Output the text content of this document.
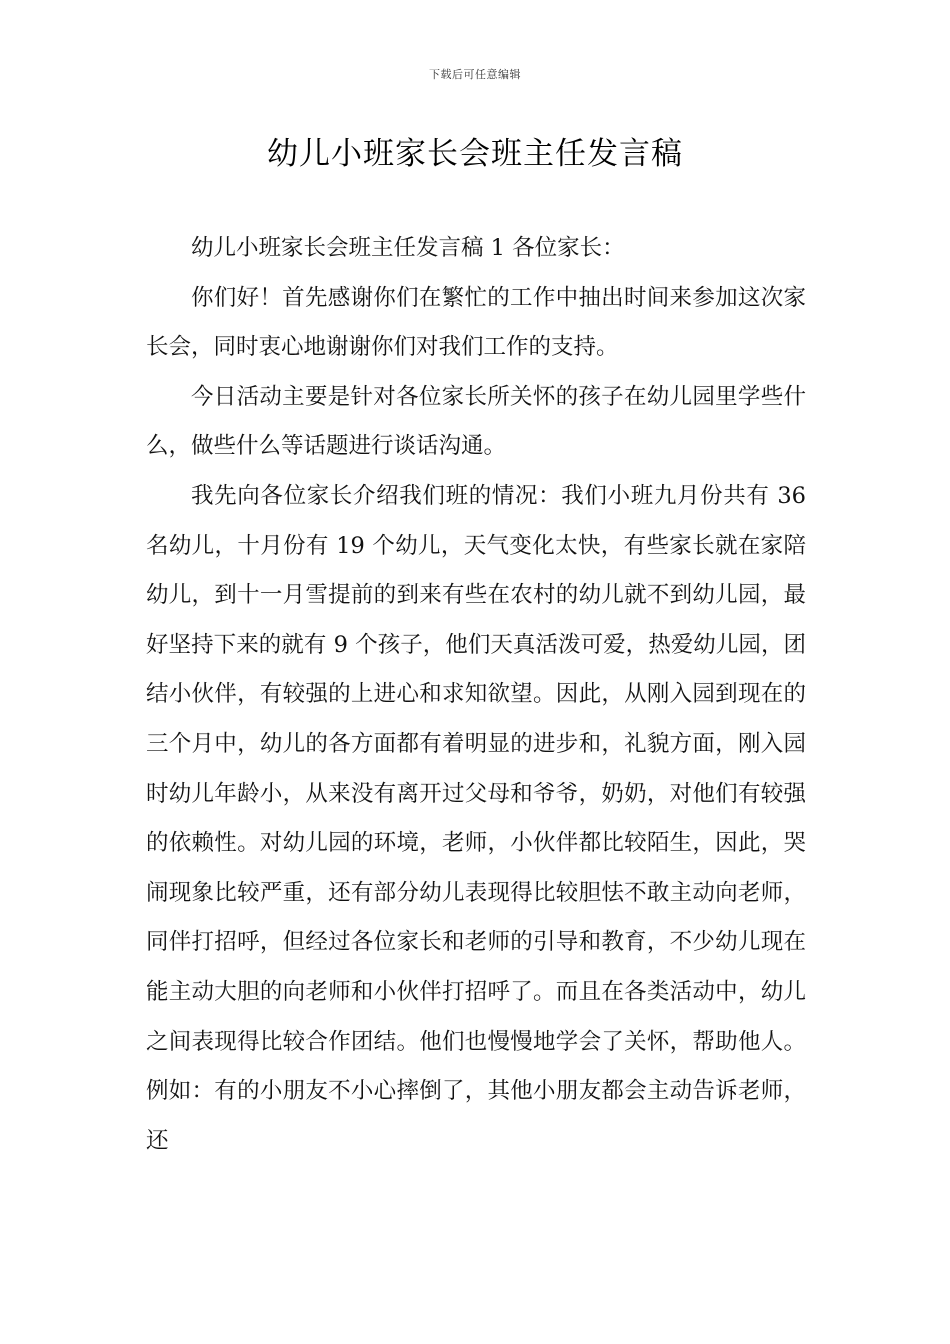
下载后可任意编辑
幼儿小班家长会班主任发言稿

幼儿小班家长会班主任发言稿 1 各位家长：

你们好！首先感谢你们在繁忙的工作中抽出时间来参加这次家长会，同时衷心地谢谢你们对我们工作的支持。

今日活动主要是针对各位家长所关怀的孩子在幼儿园里学些什么，做些什么等话题进行谈话沟通。

我先向各位家长介绍我们班的情况：我们小班九月份共有 36 名幼儿，十月份有 19 个幼儿，天气变化太快，有些家长就在家陪幼儿，到十一月雪提前的到来有些在农村的幼儿就不到幼儿园，最好坚持下来的就有 9 个孩子，他们天真活泼可爱，热爱幼儿园，团结小伙伴，有较强的上进心和求知欲望。因此，从刚入园到现在的三个月中，幼儿的各方面都有着明显的进步和，礼貌方面，刚入园时幼儿年龄小，从来没有离开过父母和爷爷，奶奶，对他们有较强的依赖性。对幼儿园的环境，老师，小伙伴都比较陌生，因此，哭闹现象比较严重，还有部分幼儿表现得比较胆怯不敢主动向老师，同伴打招呼，但经过各位家长和老师的引导和教育，不少幼儿现在能主动大胆的向老师和小伙伴打招呼了。而且在各类活动中，幼儿之间表现得比较合作团结。他们也慢慢地学会了关怀，帮助他人。例如：有的小朋友不小心摔倒了，其他小朋友都会主动告诉老师，还
